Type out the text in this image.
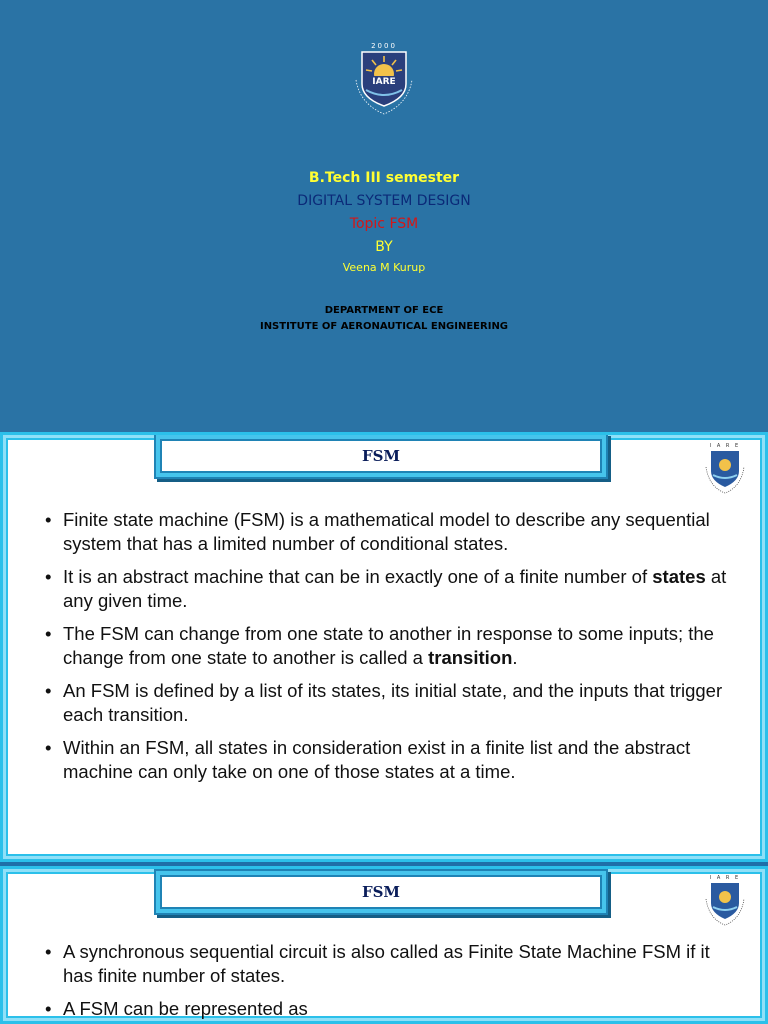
2000
IARE
B.Tech III semester
DIGITAL SYSTEM DESIGN
Topic FSM
BY
Veena M Kurup
DEPARTMENT OF ECE
INSTITUTE OF AERONAUTICAL ENGINEERING
FSM
I A R E
• Finite state machine (FSM) is a mathematical model to describe any sequential system that has a limited number of conditional states.
• It is an abstract machine that can be in exactly one of a finite number of states at any given time.
• The FSM can change from one state to another in response to some inputs; the change from one state to another is called a transition.
• An FSM is defined by a list of its states, its initial state, and the inputs that trigger each transition.
• Within an FSM, all states in consideration exist in a finite list and the abstract machine can only take on one of those states at a time.
FSM
I A R E
• A synchronous sequential circuit is also called as Finite State Machine FSM if it has finite number of states.
• A FSM can be represented as
